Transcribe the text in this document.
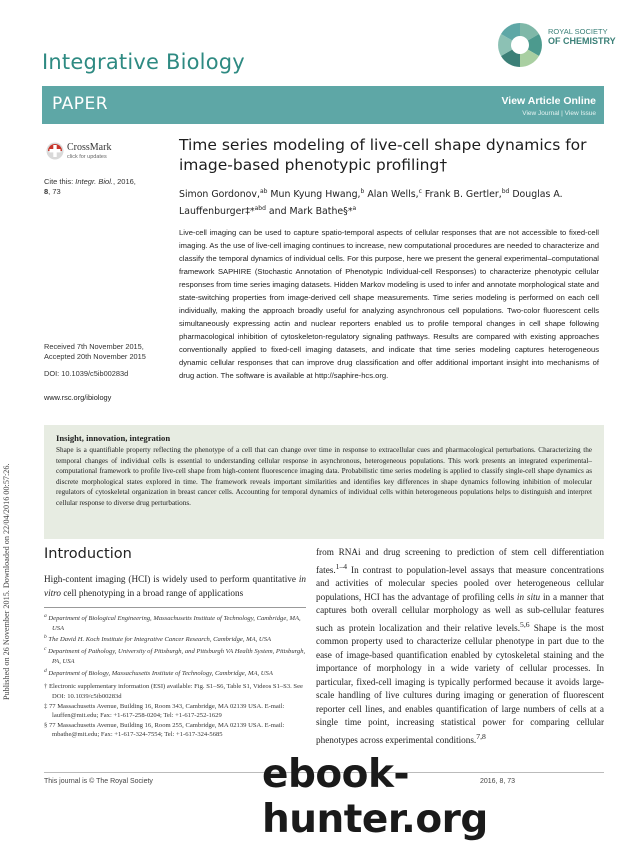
Published on 26 November 2015. Downloaded on 22/04/2016 00:57:26.
Integrative Biology
ROYAL SOCIETY
OF CHEMISTRY
PAPER	View Article Online
View Journal | View Issue
CrossMark
click for updates
Cite this: Integr. Biol., 2016,
8, 73
Time series modeling of live-cell shape dynamics for image-based phenotypic profiling†
Simon Gordonov,$^{ab}$ Mun Kyung Hwang,$^b$ Alan Wells,$^c$ Frank B. Gertler,$^{bd}$ Douglas A. Lauffenburger‡*$^{abd}$ and Mark Bathe§*$^a$
Live-cell imaging can be used to capture spatio-temporal aspects of cellular responses that are not accessible to fixed-cell imaging. As the use of live-cell imaging continues to increase, new computational procedures are needed to characterize and classify the temporal dynamics of individual cells. For this purpose, here we present the general experimental–computational framework SAPHIRE (Stochastic Annotation of Phenotypic Individual-cell Responses) to characterize phenotypic cellular responses from time series imaging datasets. Hidden Markov modeling is used to infer and annotate morphological state and state-switching properties from image-derived cell shape measurements. Time series modeling is performed on each cell individually, making the approach broadly useful for analyzing asynchronous cell populations. Two-color fluorescent cells simultaneously expressing actin and nuclear reporters enabled us to profile temporal changes in cell shape following pharmacological inhibition of cytoskeleton-regulatory signaling pathways. Results are compared with existing approaches conventionally applied to fixed-cell imaging datasets, and indicate that time series modeling captures heterogeneous dynamic cellular responses that can improve drug classification and offer additional important insight into mechanisms of drug action. The software is available at http://saphire-hcs.org.
Received 7th November 2015,
Accepted 20th November 2015
DOI: 10.1039/c5ib00283d
www.rsc.org/ibiology
Insight, innovation, integration
Shape is a quantifiable property reflecting the phenotype of a cell that can change over time in response to extracellular cues and pharmacological perturbations. Characterizing the temporal changes of individual cells is essential to understanding cellular response in asynchronous, heterogeneous populations. This work presents an integrated experimental–computational framework to profile live-cell shape from high-content fluorescence imaging data. Probabilistic time series modeling is applied to classify single-cell shape dynamics as discrete morphological states explored in time. The framework reveals important similarities and identifies key differences in shape dynamics following inhibition of molecular regulators of cytoskeletal organization in breast cancer cells. Accounting for temporal dynamics of individual cells within heterogeneous populations helps to distinguish and interpret cellular response to diverse drug perturbations.
Introduction
High-content imaging (HCI) is widely used to perform quantitative in vitro cell phenotyping in a broad range of applications
$^a$ Department of Biological Engineering, Massachusetts Institute of Technology, Cambridge, MA, USA
$^b$ The David H. Koch Institute for Integrative Cancer Research, Cambridge, MA, USA
$^c$ Department of Pathology, University of Pittsburgh, and Pittsburgh VA Health System, Pittsburgh, PA, USA
$^d$ Department of Biology, Massachusetts Institute of Technology, Cambridge, MA, USA
† Electronic supplementary information (ESI) available: Fig. S1–S6, Table S1, Videos S1–S3. See DOI: 10.1039/c5ib00283d
‡ 77 Massachusetts Avenue, Building 16, Room 343, Cambridge, MA 02139 USA. E-mail: lauffen@mit.edu; Fax: +1-617-258-0204; Tel: +1-617-252-1629
§ 77 Massachusetts Avenue, Building 16, Room 255, Cambridge, MA 02139 USA. E-mail: mbathe@mit.edu; Fax: +1-617-324-7554; Tel: +1-617-324-5685
from RNAi and drug screening to prediction of stem cell differentiation fates.$^{1-4}$ In contrast to population-level assays that measure concentrations and activities of molecular species pooled over heterogeneous cellular populations, HCI has the advantage of profiling cells in situ in a manner that captures both overall cellular morphology as well as sub-cellular features such as protein localization and their relative levels.$^{5,6}$ Shape is the most common property used to characterize cellular phenotype in part due to the ease of image-based quantification enabled by cytoskeletal staining and the importance of morphology in a wide variety of cellular processes. In particular, fixed-cell imaging is typically performed because it avoids large-scale handling of live cultures during imaging or generation of fluorescent reporter cell lines, and enables quantification of large numbers of cells at a single time point, increasing statistical power for comparing cellular phenotypes across experimental conditions.$^{7,8}$
This journal is © The Royal Society	2016, 8, 73
ebook-hunter.org
